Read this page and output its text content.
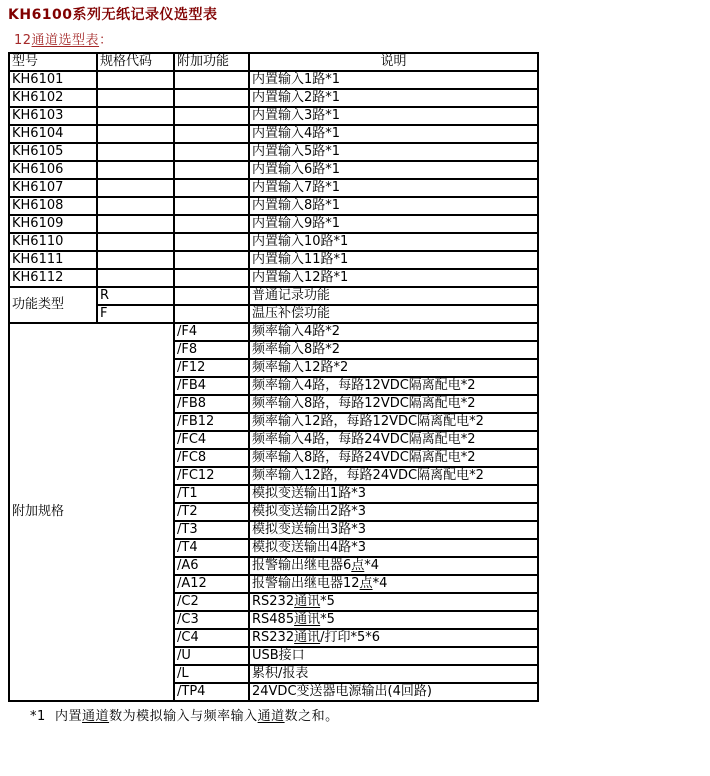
KH6100系列无纸记录仪选型表
12通道选型表：
型号	规格代码	附加功能	说明
KH6101			内置输入1路*1
KH6102			内置输入2路*1
KH6103			内置输入3路*1
KH6104			内置输入4路*1
KH6105			内置输入5路*1
KH6106			内置输入6路*1
KH6107			内置输入7路*1
KH6108			内置输入8路*1
KH6109			内置输入9路*1
KH6110			内置输入10路*1
KH6111			内置输入11路*1
KH6112			内置输入12路*1
功能类型	R		普通记录功能
	F		温压补偿功能
附加规格		/F4	频率输入4路*2
		/F8	频率输入8路*2
		/F12	频率输入12路*2
		/FB4	频率输入4路，每路12VDC隔离配电*2
		/FB8	频率输入8路，每路12VDC隔离配电*2
		/FB12	频率输入12路，每路12VDC隔离配电*2
		/FC4	频率输入4路，每路24VDC隔离配电*2
		/FC8	频率输入8路，每路24VDC隔离配电*2
		/FC12	频率输入12路，每路24VDC隔离配电*2
		/T1	模拟变送输出1路*3
		/T2	模拟变送输出2路*3
		/T3	模拟变送输出3路*3
		/T4	模拟变送输出4路*3
		/A6	报警输出继电器6点*4
		/A12	报警输出继电器12点*4
		/C2	RS232通讯*5
		/C3	RS485通讯*5
		/C4	RS232通讯/打印*5*6
		/U	USB接口
		/L	累积/报表
		/TP4	24VDC变送器电源输出(4回路)
*1  内置通道数为模拟输入与频率输入通道数之和。
